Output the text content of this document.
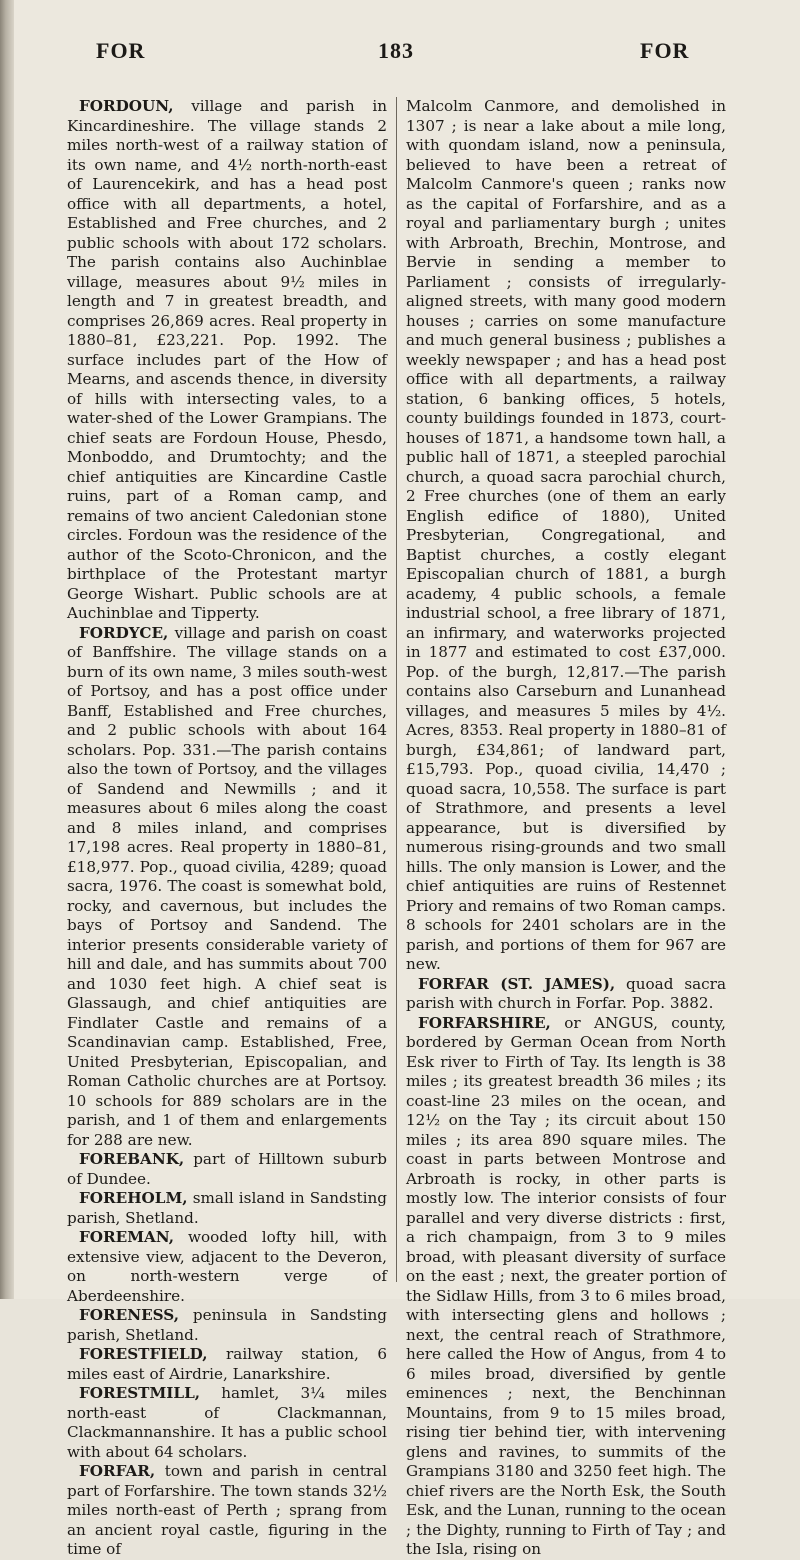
FOR	183	FOR

FORDOUN, village and parish in Kincardineshire. The village stands 2 miles north-west of a railway station of its own name, and 4½ north-north-east of Laurencekirk, and has a head post office with all departments, a hotel, Established and Free churches, and 2 public schools with about 172 scholars. The parish contains also Auchinblae village, measures about 9½ miles in length and 7 in greatest breadth, and comprises 26,869 acres. Real property in 1880–81, £23,221. Pop. 1992. The surface includes part of the How of Mearns, and ascends thence, in diversity of hills with intersecting vales, to a water-shed of the Lower Grampians. The chief seats are Fordoun House, Phesdo, Monboddo, and Drumtochty; and the chief antiquities are Kincardine Castle ruins, part of a Roman camp, and remains of two ancient Caledonian stone circles. Fordoun was the residence of the author of the Scoto-Chronicon, and the birthplace of the Protestant martyr George Wishart. Public schools are at Auchinblae and Tipperty.

FORDYCE, village and parish on coast of Banffshire. The village stands on a burn of its own name, 3 miles south-west of Portsoy, and has a post office under Banff, Established and Free churches, and 2 public schools with about 164 scholars. Pop. 331.—The parish contains also the town of Portsoy, and the villages of Sandend and Newmills ; and it measures about 6 miles along the coast and 8 miles inland, and comprises 17,198 acres. Real property in 1880–81, £18,977. Pop., quoad civilia, 4289; quoad sacra, 1976. The coast is somewhat bold, rocky, and cavernous, but includes the bays of Portsoy and Sandend. The interior presents considerable variety of hill and dale, and has summits about 700 and 1030 feet high. A chief seat is Glassaugh, and chief antiquities are Findlater Castle and remains of a Scandinavian camp. Established, Free, United Presbyterian, Episcopalian, and Roman Catholic churches are at Portsoy. 10 schools for 889 scholars are in the parish, and 1 of them and enlargements for 288 are new.

FOREBANK, part of Hilltown suburb of Dundee.

FOREHOLM, small island in Sandsting parish, Shetland.

FOREMAN, wooded lofty hill, with extensive view, adjacent to the Deveron, on north-western verge of Aberdeenshire.

FORENESS, peninsula in Sandsting parish, Shetland.

FORESTFIELD, railway station, 6 miles east of Airdrie, Lanarkshire.

FORESTMILL, hamlet, 3¼ miles north-east of Clackmannan, Clackmannanshire. It has a public school with about 64 scholars.

FORFAR, town and parish in central part of Forfarshire. The town stands 32½ miles north-east of Perth ; sprang from an ancient royal castle, figuring in the time of

Malcolm Canmore, and demolished in 1307 ; is near a lake about a mile long, with quondam island, now a peninsula, believed to have been a retreat of Malcolm Canmore's queen ; ranks now as the capital of Forfarshire, and as a royal and parliamentary burgh ; unites with Arbroath, Brechin, Montrose, and Bervie in sending a member to Parliament ; consists of irregularly-aligned streets, with many good modern houses ; carries on some manufacture and much general business ; publishes a weekly newspaper ; and has a head post office with all departments, a railway station, 6 banking offices, 5 hotels, county buildings founded in 1873, court-houses of 1871, a handsome town hall, a public hall of 1871, a steepled parochial church, a quoad sacra parochial church, 2 Free churches (one of them an early English edifice of 1880), United Presbyterian, Congregational, and Baptist churches, a costly elegant Episcopalian church of 1881, a burgh academy, 4 public schools, a female industrial school, a free library of 1871, an infirmary, and waterworks projected in 1877 and estimated to cost £37,000. Pop. of the burgh, 12,817.—The parish contains also Carseburn and Lunanhead villages, and measures 5 miles by 4½. Acres, 8353. Real property in 1880–81 of burgh, £34,861; of landward part, £15,793. Pop., quoad civilia, 14,470 ; quoad sacra, 10,558. The surface is part of Strathmore, and presents a level appearance, but is diversified by numerous rising-grounds and two small hills. The only mansion is Lower, and the chief antiquities are ruins of Restennet Priory and remains of two Roman camps. 8 schools for 2401 scholars are in the parish, and portions of them for 967 are new.

FORFAR (ST. JAMES), quoad sacra parish with church in Forfar. Pop. 3882.

FORFARSHIRE, or ANGUS, county, bordered by German Ocean from North Esk river to Firth of Tay. Its length is 38 miles ; its greatest breadth 36 miles ; its coast-line 23 miles on the ocean, and 12½ on the Tay ; its circuit about 150 miles ; its area 890 square miles. The coast in parts between Montrose and Arbroath is rocky, in other parts is mostly low. The interior consists of four parallel and very diverse districts : first, a rich champaign, from 3 to 9 miles broad, with pleasant diversity of surface on the east ; next, the greater portion of the Sidlaw Hills, from 3 to 6 miles broad, with intersecting glens and hollows ; next, the central reach of Strathmore, here called the How of Angus, from 4 to 6 miles broad, diversified by gentle eminences ; next, the Benchinnan Mountains, from 9 to 15 miles broad, rising tier behind tier, with intervening glens and ravines, to summits of the Grampians 3180 and 3250 feet high. The chief rivers are the North Esk, the South Esk, and the Lunan, running to the ocean ; the Dighty, running to Firth of Tay ; and the Isla, rising on
